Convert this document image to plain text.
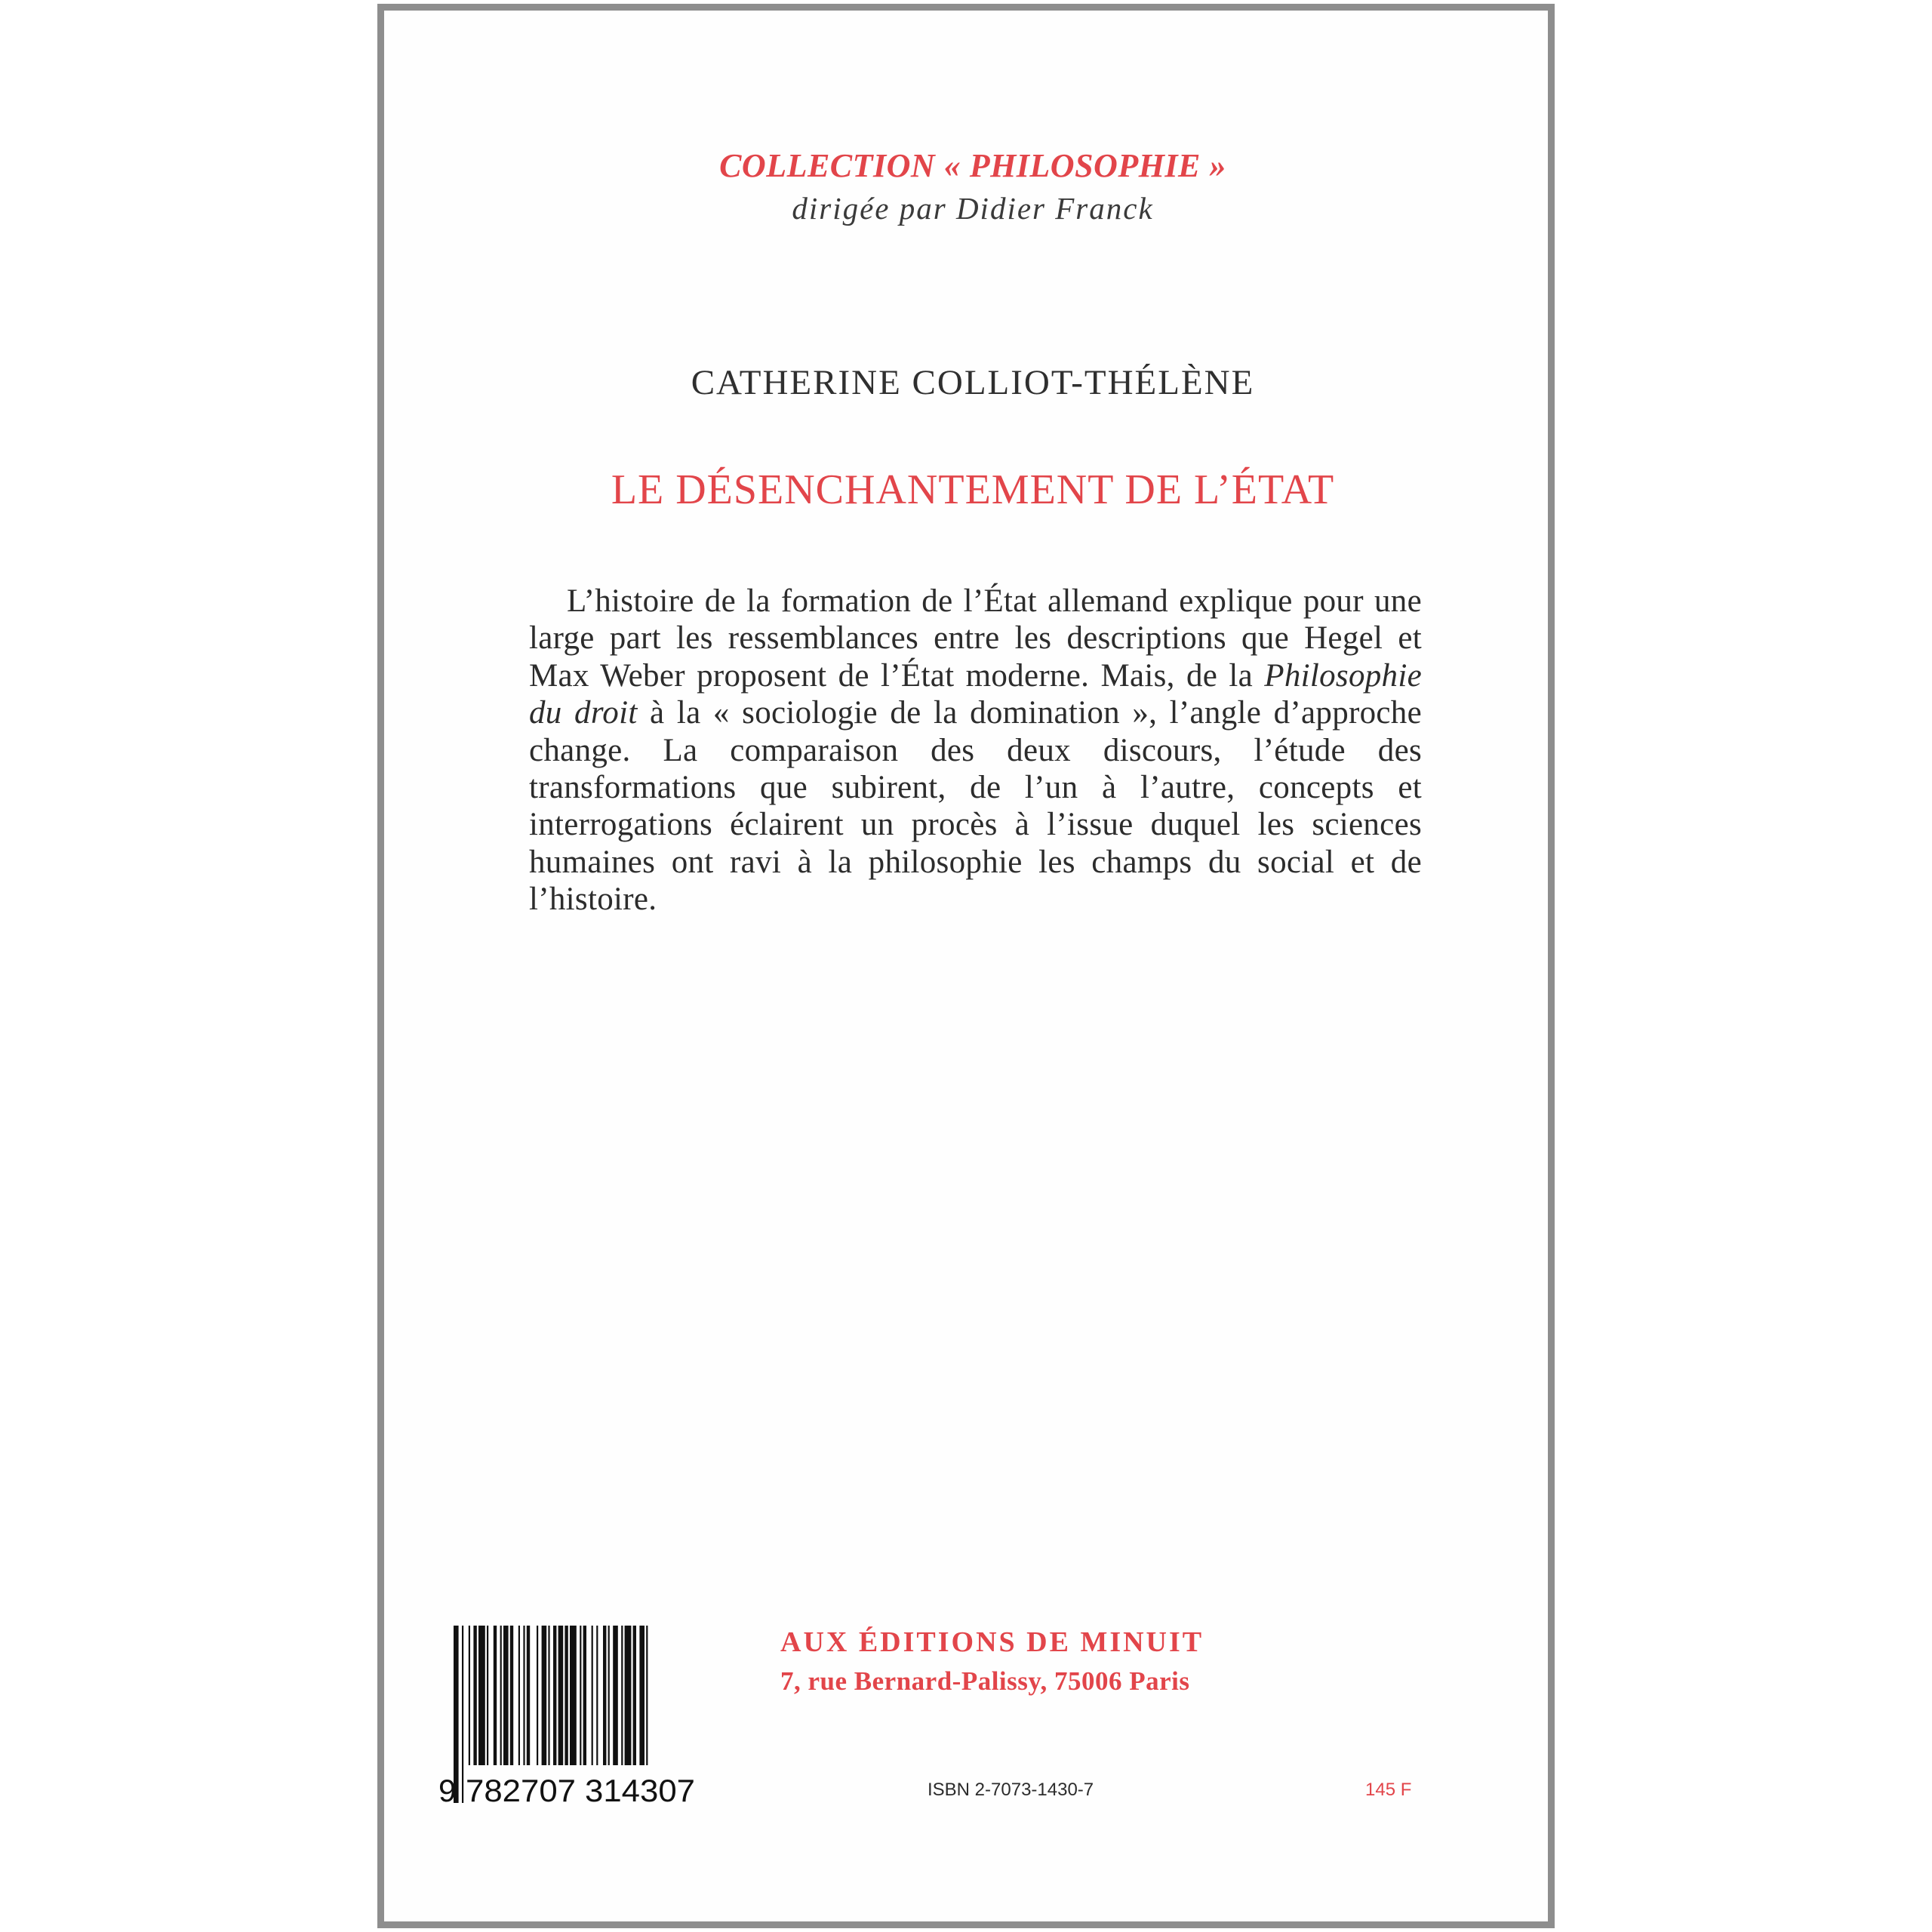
COLLECTION « PHILOSOPHIE »
dirigée par Didier Franck
CATHERINE COLLIOT-THÉLÈNE
LE DÉSENCHANTEMENT DE L’ÉTAT

L’histoire de la formation de l’État allemand explique pour une large part les ressemblances entre les descriptions que Hegel et Max Weber proposent de l’État moderne. Mais, de la Philosophie du droit à la « sociologie de la domination », l’angle d’approche change. La comparaison des deux discours, l’étude des transformations que subirent, de l’un à l’autre, concepts et interrogations éclairent un procès à l’issue duquel les sciences humaines ont ravi à la philosophie les champs du social et de l’histoire.

9 782707 314307
AUX ÉDITIONS DE MINUIT
7, rue Bernard-Palissy, 75006 Paris
ISBN 2-7073-1430-7	145 F
